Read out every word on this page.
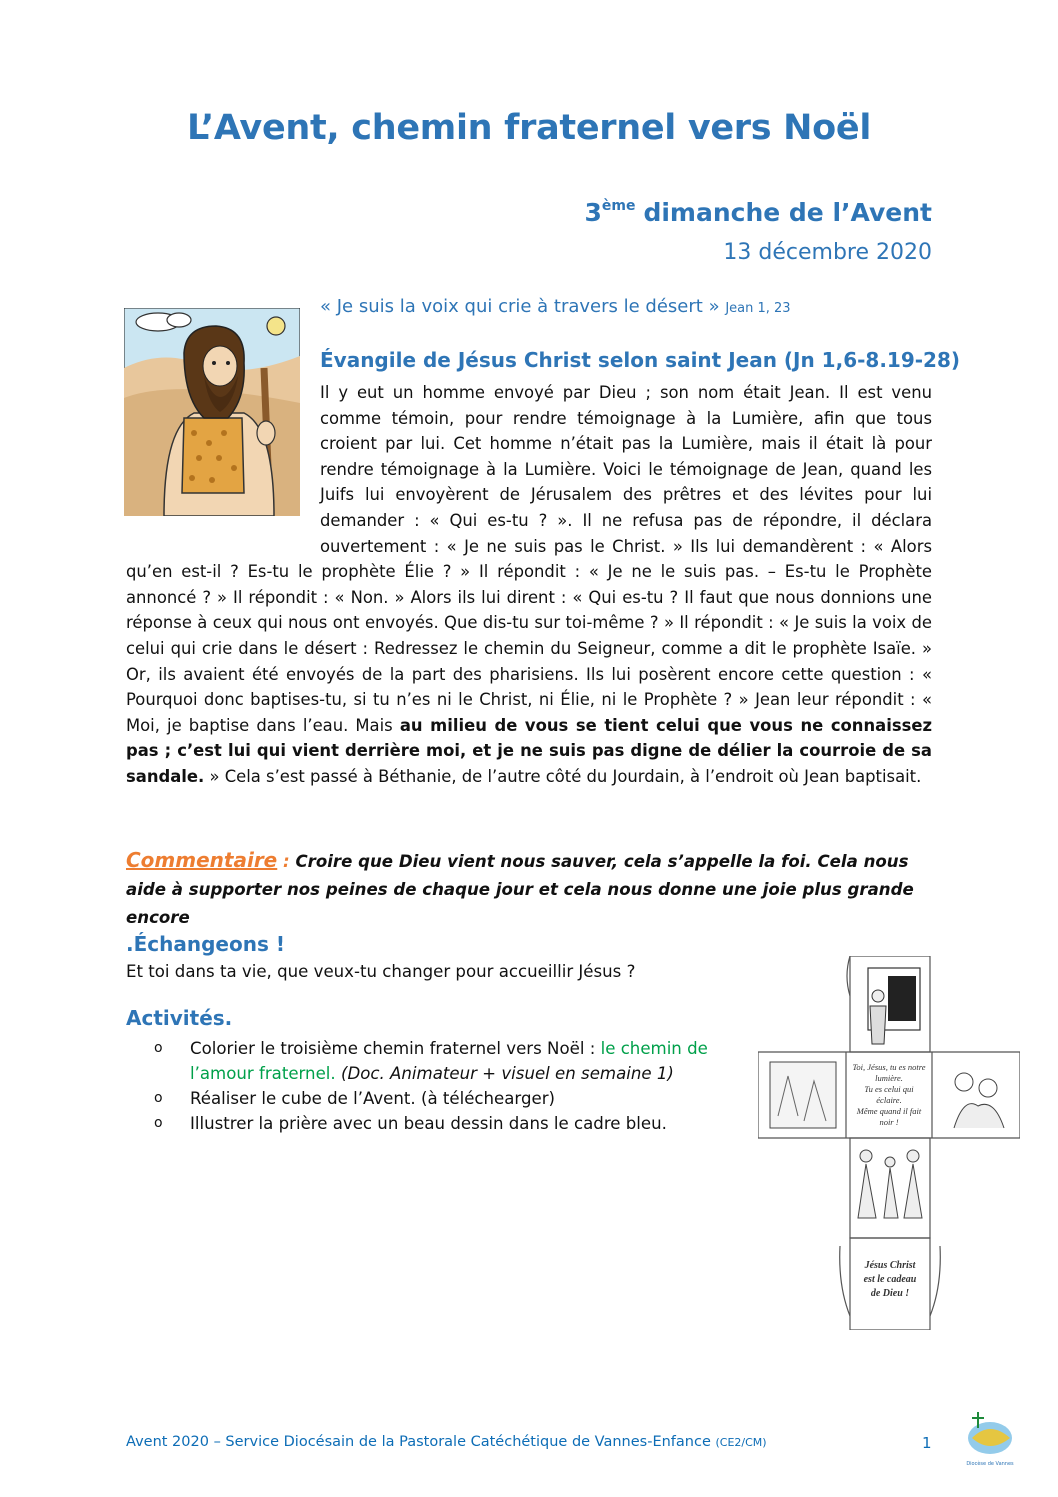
L’Avent, chemin fraternel vers Noël
3ème dimanche de l’Avent
13 décembre 2020
« Je suis la voix qui crie à travers le désert » Jean 1, 23
Évangile de Jésus Christ selon saint Jean (Jn 1,6-8.19-28)
Il y eut un homme envoyé par Dieu ; son nom était Jean. Il est venu comme témoin, pour rendre témoignage à la Lumière, afin que tous croient par lui. Cet homme n’était pas la Lumière, mais il était là pour rendre témoignage à la Lumière. Voici le témoignage de Jean, quand les Juifs lui envoyèrent de Jérusalem des prêtres et des lévites pour lui demander : « Qui es-tu ? ». Il ne refusa pas de répondre, il déclara ouvertement : « Je ne suis pas le Christ. » Ils lui demandèrent : « Alors qu’en est-il ? Es-tu le prophète Élie ? » Il répondit : « Je ne le suis pas. – Es-tu le Prophète annoncé ? » Il répondit : « Non. » Alors ils lui dirent : « Qui es-tu ? Il faut que nous donnions une réponse à ceux qui nous ont envoyés. Que dis-tu sur toi-même ? » Il répondit : « Je suis la voix de celui qui crie dans le désert : Redressez le chemin du Seigneur, comme a dit le prophète Isaïe. » Or, ils avaient été envoyés de la part des pharisiens. Ils lui posèrent encore cette question : « Pourquoi donc baptises-tu, si tu n’es ni le Christ, ni Élie, ni le Prophète ? » Jean leur répondit : « Moi, je baptise dans l’eau. Mais au milieu de vous se tient celui que vous ne connaissez pas ; c’est lui qui vient derrière moi, et je ne suis pas digne de délier la courroie de sa sandale. » Cela s’est passé à Béthanie, de l’autre côté du Jourdain, à l’endroit où Jean baptisait.
Commentaire : Croire que Dieu vient nous sauver, cela s’appelle la foi. Cela nous aide à supporter nos peines de chaque jour et cela nous donne une joie plus grande encore
.Échangeons !
Et toi dans ta vie, que veux-tu changer pour accueillir Jésus ?
Activités.
o Colorier le troisième chemin fraternel vers Noël : le chemin de l’amour fraternel. (Doc. Animateur + visuel en semaine 1)
o Réaliser le cube de l’Avent. (à téléchearger)
o Illustrer la prière avec un beau dessin dans le cadre bleu.
Toi, Jésus, tu es notre
lumière.
Tu es celui qui
éclaire.
Même quand il fait
noir !
Jésus Christ
est le cadeau
de Dieu !
Avent 2020 – Service Diocésain de la Pastorale Catéchétique de Vannes-Enfance (CE2/CM)	1
Diocèse de Vannes
